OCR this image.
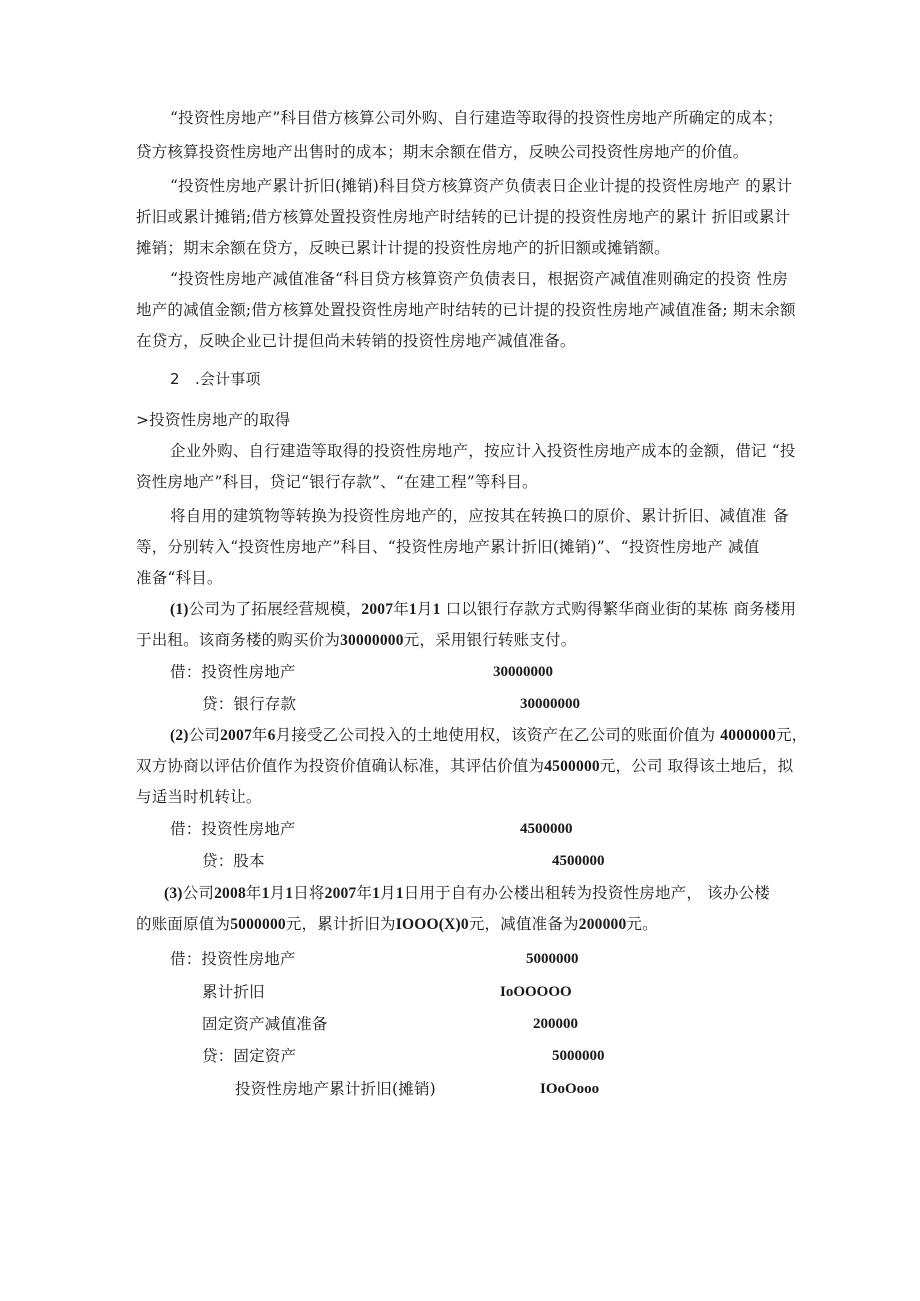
“投资性房地产”科目借方核算公司外购、自行建造等取得的投资性房地产所确定的成本；
贷方核算投资性房地产出售时的成本；期末余额在借方，反映公司投资性房地产的价值。
“投资性房地产累计折旧(摊销)科目贷方核算资产负债表日企业计提的投资性房地产 的累计
折旧或累计摊销;借方核算处置投资性房地产时结转的已计提的投资性房地产的累计 折旧或累计
摊销；期末余额在贷方，反映已累计计提的投资性房地产的折旧额或摊销额。
“投资性房地产减值准备“科目贷方核算资产负债表日，根据资产减值准则确定的投资 性房
地产的减值金额;借方核算处置投资性房地产时结转的已计提的投资性房地产减值准备; 期末余额
在贷方，反映企业已计提但尚未转销的投资性房地产减值准备。
2　.会计事项
>投资性房地产的取得
企业外购、自行建造等取得的投资性房地产，按应计入投资性房地产成本的金额，借记 “投
资性房地产”科目，贷记“银行存款”、“在建工程”等科目。
将自用的建筑物等转换为投资性房地产的，应按其在转换口的原价、累计折旧、减值准 备
等，分别转入“投资性房地产”科目、“投资性房地产累计折旧(摊销)”、“投资性房地产 减值
准备“科目。
(1)公司为了拓展经营规模，2007年1月1 口以银行存款方式购得繁华商业街的某栋 商务楼用
于出租。该商务楼的购买价为30000000元，采用银行转账支付。
借：投资性房地产	30000000
贷：银行存款	30000000
(2)公司2007年6月接受乙公司投入的土地使用权，该资产在乙公司的账面价值为 4000000元，
双方协商以评估价值作为投资价值确认标准，其评估价值为4500000元，公司 取得该土地后，拟
与适当时机转让。
借：投资性房地产	4500000
贷：股本	4500000
(3)公司2008年1月1日将2007年1月1日用于自有办公楼出租转为投资性房地产， 该办公楼
的账面原值为5000000元，累计折旧为IOOO(X)0元，减值准备为200000元。
借：投资性房地产	5000000
累计折旧	IoOOOOO
固定资产减值准备	200000
贷：固定资产	5000000
投资性房地产累计折旧(摊销)	IOoOooo
